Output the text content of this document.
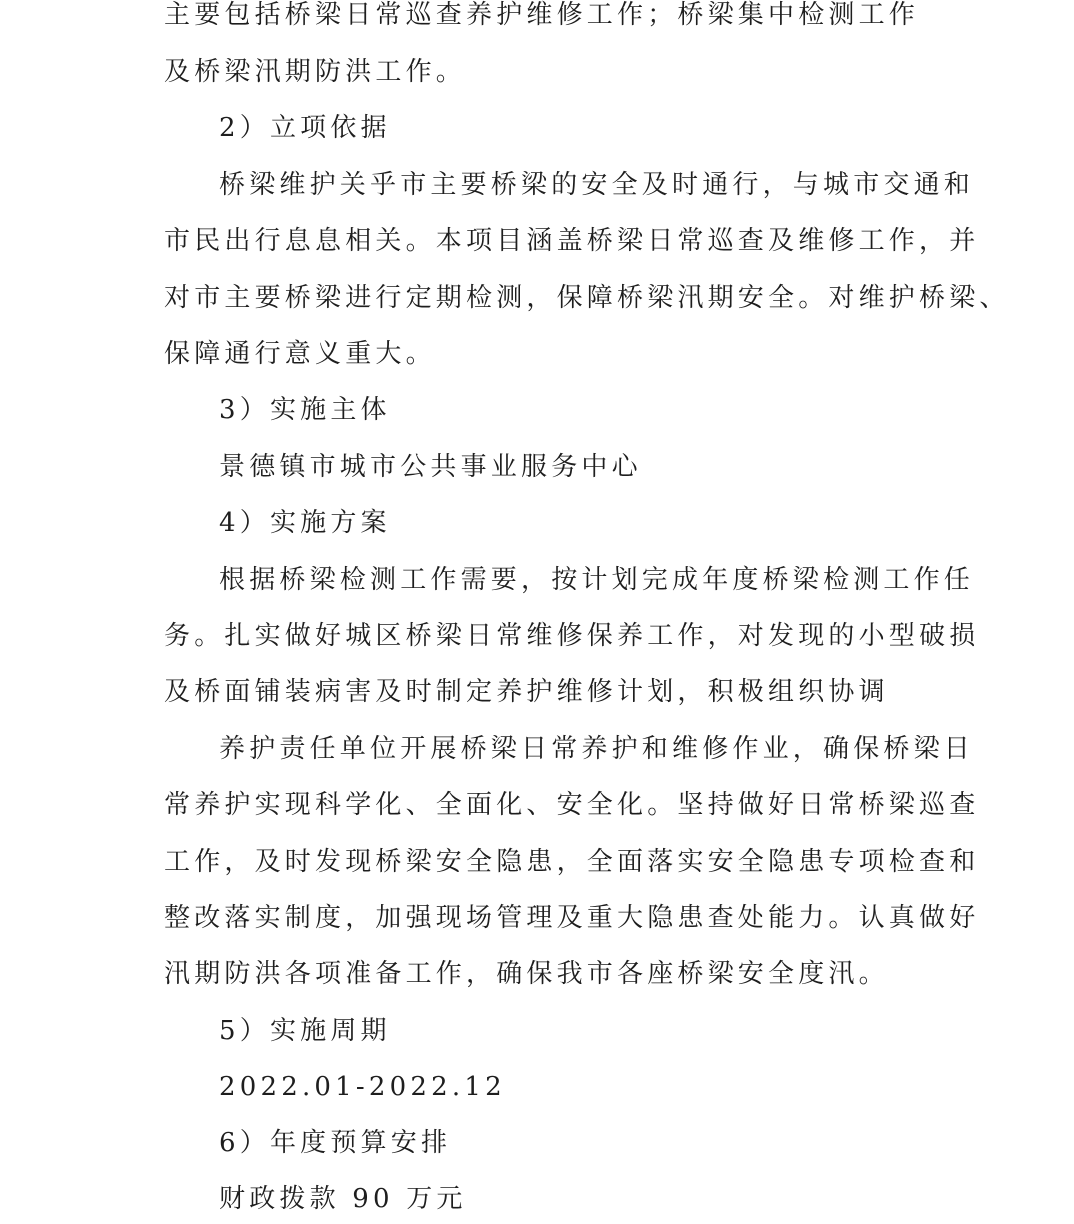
主要包括桥梁日常巡查养护维修工作；桥梁集中检测工作
及桥梁汛期防洪工作。
2）立项依据
桥梁维护关乎市主要桥梁的安全及时通行，与城市交通和
市民出行息息相关。本项目涵盖桥梁日常巡查及维修工作，并
对市主要桥梁进行定期检测，保障桥梁汛期安全。对维护桥梁、
保障通行意义重大。
3）实施主体
景德镇市城市公共事业服务中心
4）实施方案
根据桥梁检测工作需要，按计划完成年度桥梁检测工作任
务。扎实做好城区桥梁日常维修保养工作，对发现的小型破损
及桥面铺装病害及时制定养护维修计划，积极组织协调
养护责任单位开展桥梁日常养护和维修作业，确保桥梁日
常养护实现科学化、全面化、安全化。坚持做好日常桥梁巡查
工作，及时发现桥梁安全隐患，全面落实安全隐患专项检查和
整改落实制度，加强现场管理及重大隐患查处能力。认真做好
汛期防洪各项准备工作，确保我市各座桥梁安全度汛。
5）实施周期
2022.01-2022.12
6）年度预算安排
财政拨款 90 万元
